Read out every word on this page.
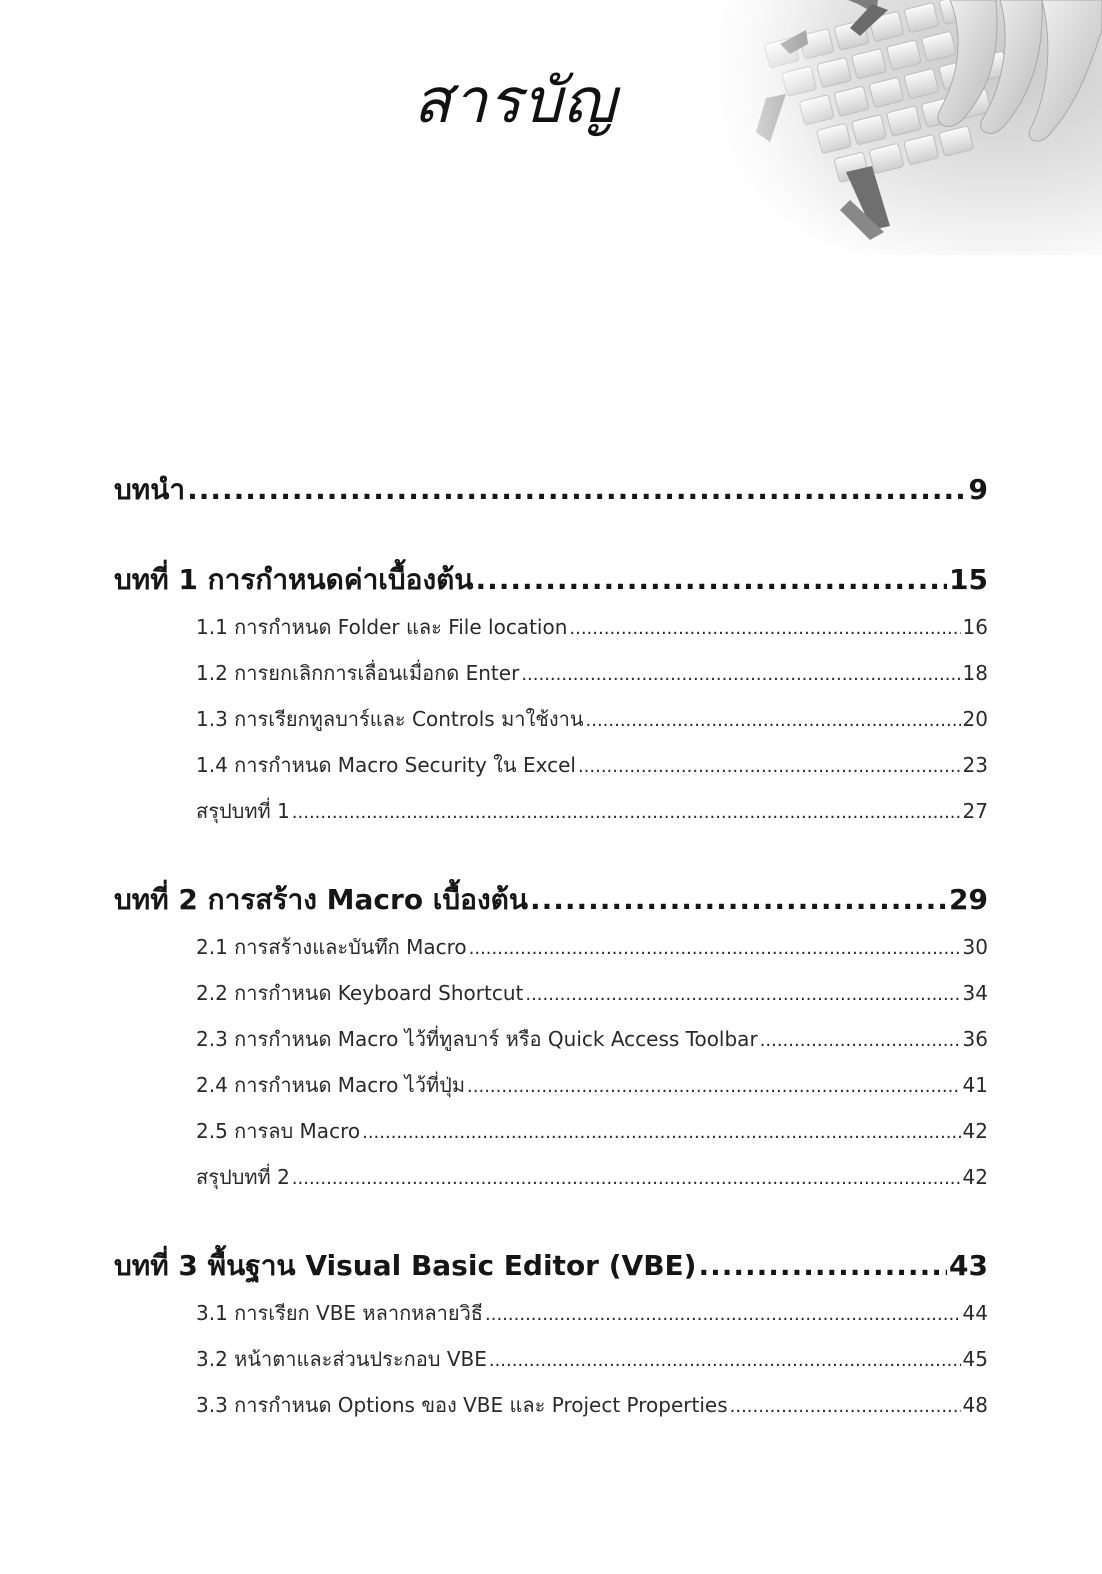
สารบัญ
บทนำ .....	9
บทที่ 1 การกำหนดค่าเบื้องต้น .....	15
1.1 การกำหนด Folder และ File location .....	16
1.2 การยกเลิกการเลื่อนเมื่อกด Enter .....	18
1.3 การเรียกทูลบาร์และ Controls มาใช้งาน .....	20
1.4 การกำหนด Macro Security ใน Excel .....	23
สรุปบทที่ 1 .....	27
บทที่ 2 การสร้าง Macro เบื้องต้น .....	29
2.1 การสร้างและบันทึก Macro .....	30
2.2 การกำหนด Keyboard Shortcut .....	34
2.3 การกำหนด Macro ไว้ที่ทูลบาร์ หรือ Quick Access Toolbar .....	36
2.4 การกำหนด Macro ไว้ที่ปุ่ม .....	41
2.5 การลบ Macro .....	42
สรุปบทที่ 2 .....	42
บทที่ 3 พื้นฐาน Visual Basic Editor (VBE) .....	43
3.1 การเรียก VBE หลากหลายวิธี .....	44
3.2 หน้าตาและส่วนประกอบ VBE .....	45
3.3 การกำหนด Options ของ VBE และ Project Properties .....	48
